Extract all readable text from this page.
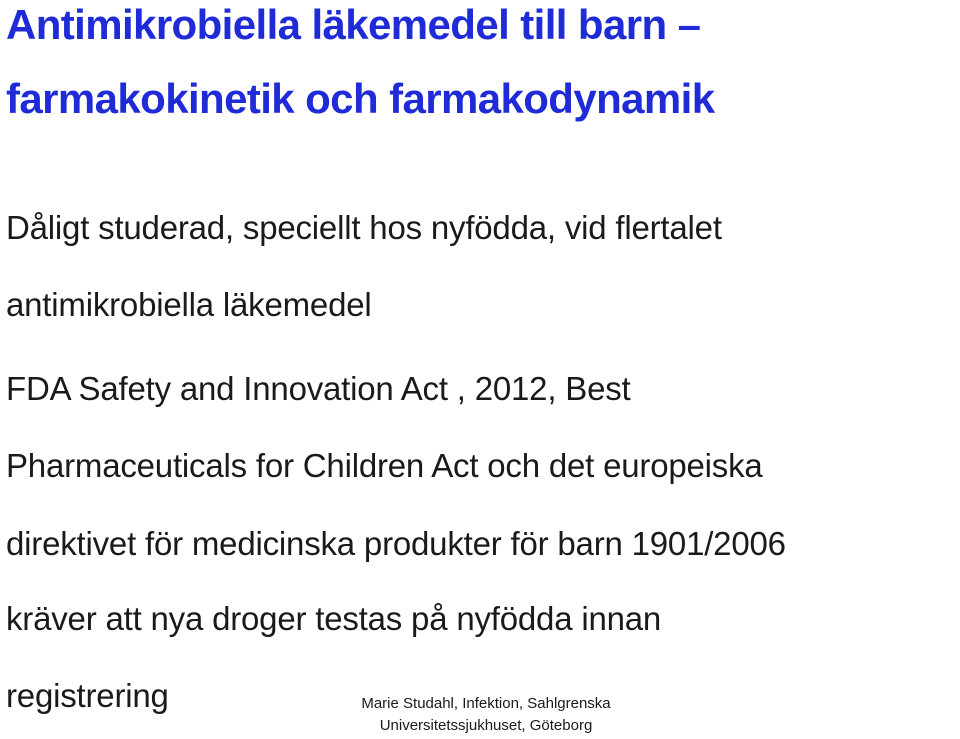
Antimikrobiella läkemedel till barn –
farmakokinetik och farmakodynamik
Dåligt studerad, speciellt hos nyfödda, vid flertalet
antimikrobiella läkemedel
FDA Safety and Innovation Act , 2012, Best
Pharmaceuticals for Children Act och det europeiska
direktivet för medicinska produkter för barn 1901/2006
kräver att nya droger testas på nyfödda innan
registrering	Marie Studahl, Infektion, Sahlgrenska
Universitetssjukhuset, Göteborg
